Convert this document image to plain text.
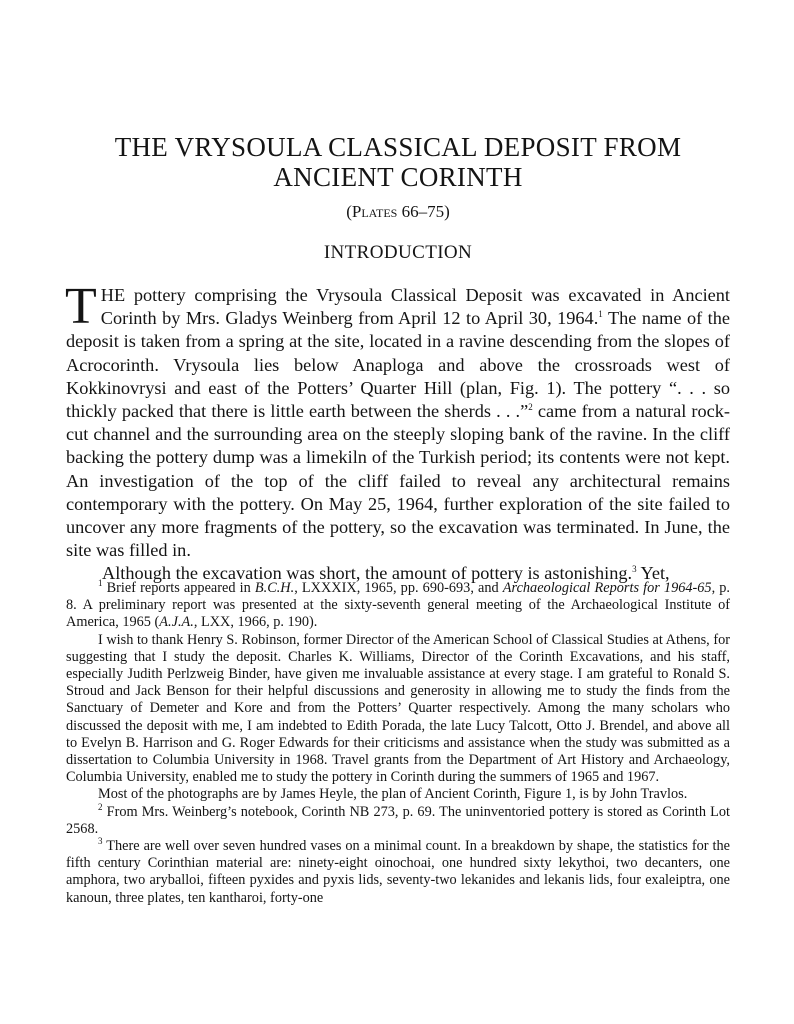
THE VRYSOULA CLASSICAL DEPOSIT FROM
ANCIENT CORINTH

(Plates 66–75)

INTRODUCTION

THE pottery comprising the Vrysoula Classical Deposit was excavated in Ancient Corinth by Mrs. Gladys Weinberg from April 12 to April 30, 1964.$^1$ The name of the deposit is taken from a spring at the site, located in a ravine descending from the slopes of Acrocorinth. Vrysoula lies below Anaploga and above the crossroads west of Kokkinovrysi and east of the Potters’ Quarter Hill (plan, Fig. 1). The pottery “. . . so thickly packed that there is little earth between the sherds . . .”$^2$ came from a natural rock-cut channel and the surrounding area on the steeply sloping bank of the ravine. In the cliff backing the pottery dump was a limekiln of the Turkish period; its contents were not kept. An investigation of the top of the cliff failed to reveal any architectural remains contemporary with the pottery. On May 25, 1964, further exploration of the site failed to uncover any more fragments of the pottery, so the excavation was terminated. In June, the site was filled in.

Although the excavation was short, the amount of pottery is astonishing.$^3$ Yet,

$^1$ Brief reports appeared in B.C.H., LXXXIX, 1965, pp. 690-693, and Archaeological Reports for 1964-65, p. 8. A preliminary report was presented at the sixty-seventh general meeting of the Archaeological Institute of America, 1965 (A.J.A., LXX, 1966, p. 190).

I wish to thank Henry S. Robinson, former Director of the American School of Classical Studies at Athens, for suggesting that I study the deposit. Charles K. Williams, Director of the Corinth Excavations, and his staff, especially Judith Perlzweig Binder, have given me invaluable assistance at every stage. I am grateful to Ronald S. Stroud and Jack Benson for their helpful discussions and generosity in allowing me to study the finds from the Sanctuary of Demeter and Kore and from the Potters’ Quarter respectively. Among the many scholars who discussed the deposit with me, I am indebted to Edith Porada, the late Lucy Talcott, Otto J. Brendel, and above all to Evelyn B. Harrison and G. Roger Edwards for their criticisms and assistance when the study was submitted as a dissertation to Columbia University in 1968. Travel grants from the Department of Art History and Archaeology, Columbia University, enabled me to study the pottery in Corinth during the summers of 1965 and 1967.

Most of the photographs are by James Heyle, the plan of Ancient Corinth, Figure 1, is by John Travlos.

$^2$ From Mrs. Weinberg’s notebook, Corinth NB 273, p. 69. The uninventoried pottery is stored as Corinth Lot 2568.

$^3$ There are well over seven hundred vases on a minimal count. In a breakdown by shape, the statistics for the fifth century Corinthian material are: ninety-eight oinochoai, one hundred sixty lekythoi, two decanters, one amphora, two aryballoi, fifteen pyxides and pyxis lids, seventy-two lekanides and lekanis lids, four exaleiptra, one kanoun, three plates, ten kantharoi, forty-one
